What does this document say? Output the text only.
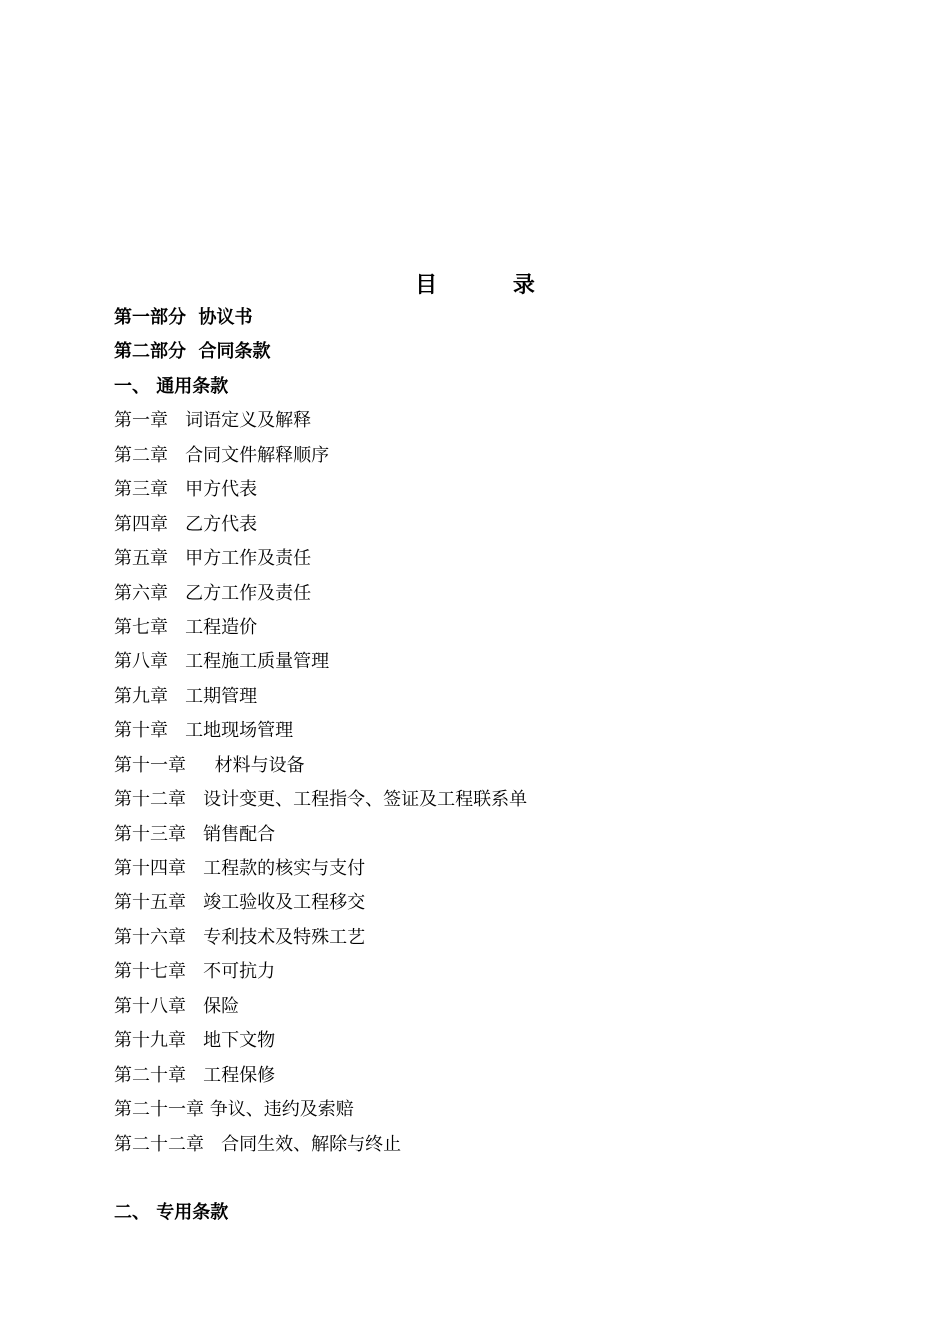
目 录
第一部分  协议书
第二部分  合同条款
一、 通用条款
第一章   词语定义及解释
第二章   合同文件解释顺序
第三章   甲方代表
第四章   乙方代表
第五章   甲方工作及责任
第六章   乙方工作及责任
第七章   工程造价
第八章   工程施工质量管理
第九章   工期管理
第十章   工地现场管理
第十一章     材料与设备
第十二章   设计变更、工程指令、签证及工程联系单
第十三章   销售配合
第十四章   工程款的核实与支付
第十五章   竣工验收及工程移交
第十六章   专利技术及特殊工艺
第十七章   不可抗力
第十八章   保险
第十九章   地下文物
第二十章   工程保修
第二十一章 争议、违约及索赔
第二十二章   合同生效、解除与终止
二、 专用条款
